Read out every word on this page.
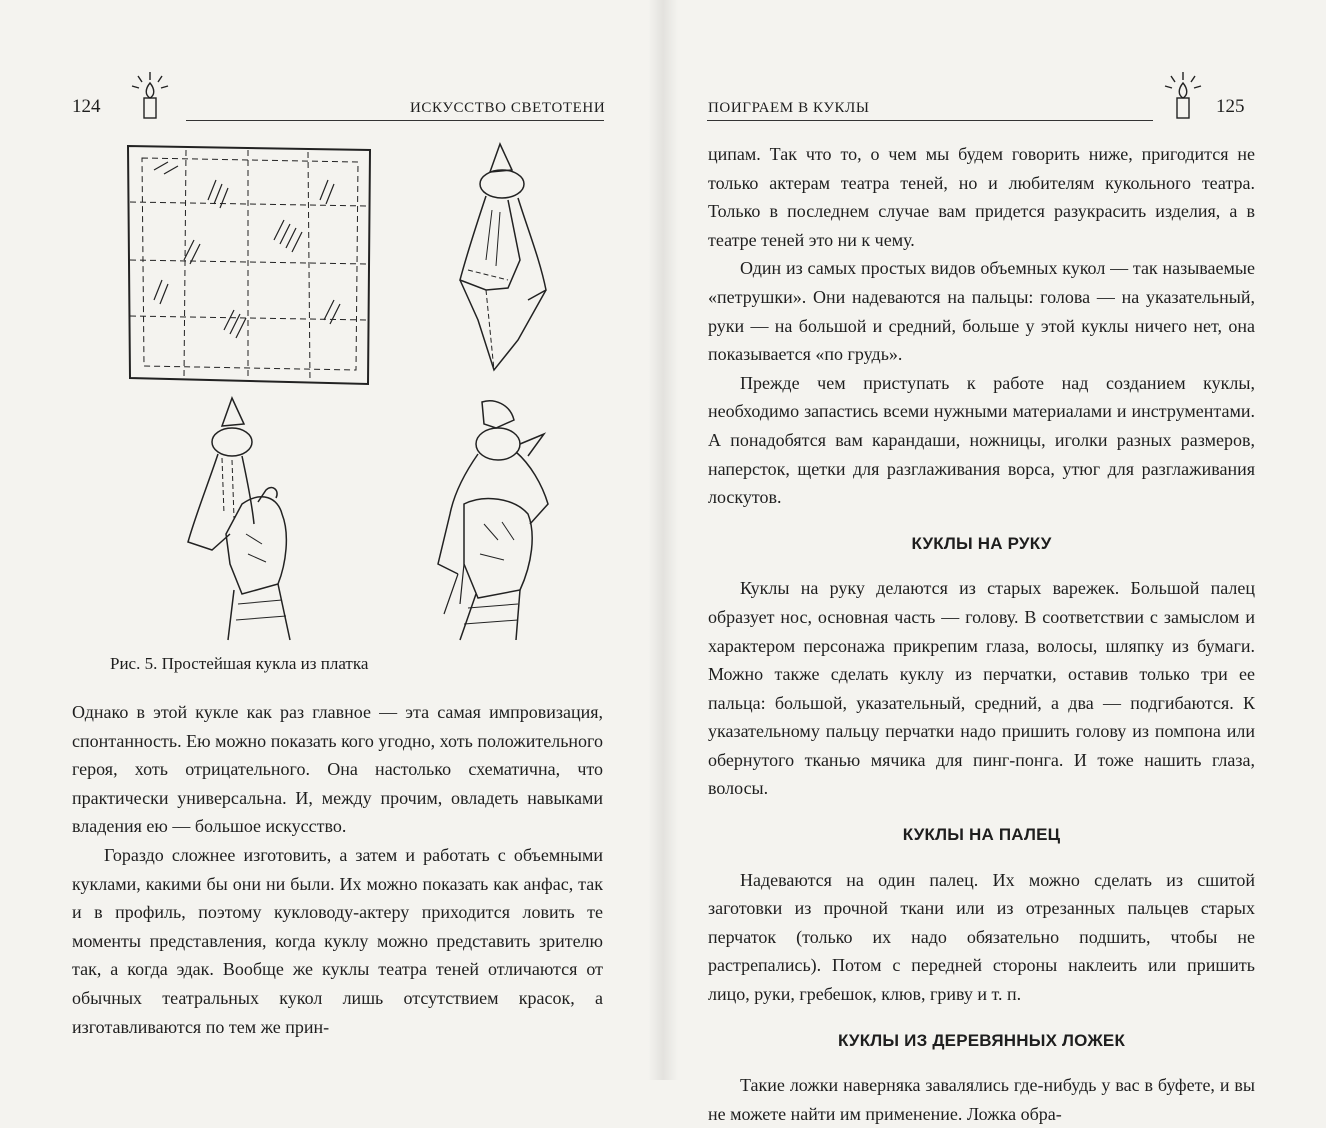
124	ИСКУССТВО СВЕТОТЕНИ
Рис. 5. Простейшая кукла из платка

Однако в этой кукле как раз главное — эта самая импровизация, спонтанность. Ею можно показать кого угодно, хоть положительного героя, хоть отрицательного. Она настолько схематична, что практически универсальна. И, между прочим, овладеть навыками владения ею — большое искусство.

Гораздо сложнее изготовить, а затем и работать с объемными куклами, какими бы они ни были. Их можно показать как анфас, так и в профиль, поэтому кукловоду-актеру приходится ловить те моменты представления, когда куклу можно представить зрителю так, а когда эдак. Вообще же куклы театра теней отличаются от обычных театральных кукол лишь отсутствием красок, а изготавливаются по тем же прин-

ПОИГРАЕМ В КУКЛЫ	125

ципам. Так что то, о чем мы будем говорить ниже, пригодится не только актерам театра теней, но и любителям кукольного театра. Только в последнем случае вам придется разукрасить изделия, а в театре теней это ни к чему.

Один из самых простых видов объемных кукол — так называемые «петрушки». Они надеваются на пальцы: голова — на указательный, руки — на большой и средний, больше у этой куклы ничего нет, она показывается «по грудь».

Прежде чем приступать к работе над созданием куклы, необходимо запастись всеми нужными материалами и инструментами. А понадобятся вам карандаши, ножницы, иголки разных размеров, наперсток, щетки для разглаживания ворса, утюг для разглаживания лоскутов.

КУКЛЫ НА РУКУ

Куклы на руку делаются из старых варежек. Большой палец образует нос, основная часть — голову. В соответствии с замыслом и характером персонажа прикрепим глаза, волосы, шляпку из бумаги. Можно также сделать куклу из перчатки, оставив только три ее пальца: большой, указательный, средний, а два — подгибаются. К указательному пальцу перчатки надо пришить голову из помпона или обернутого тканью мячика для пинг-понга. И тоже нашить глаза, волосы.

КУКЛЫ НА ПАЛЕЦ

Надеваются на один палец. Их можно сделать из сшитой заготовки из прочной ткани или из отрезанных пальцев старых перчаток (только их надо обязательно подшить, чтобы не растрепались). Потом с передней стороны наклеить или пришить лицо, руки, гребешок, клюв, гриву и т. п.

КУКЛЫ ИЗ ДЕРЕВЯННЫХ ЛОЖЕК

Такие ложки наверняка завалялись где-нибудь у вас в буфете, и вы не можете найти им применение. Ложка обра-
